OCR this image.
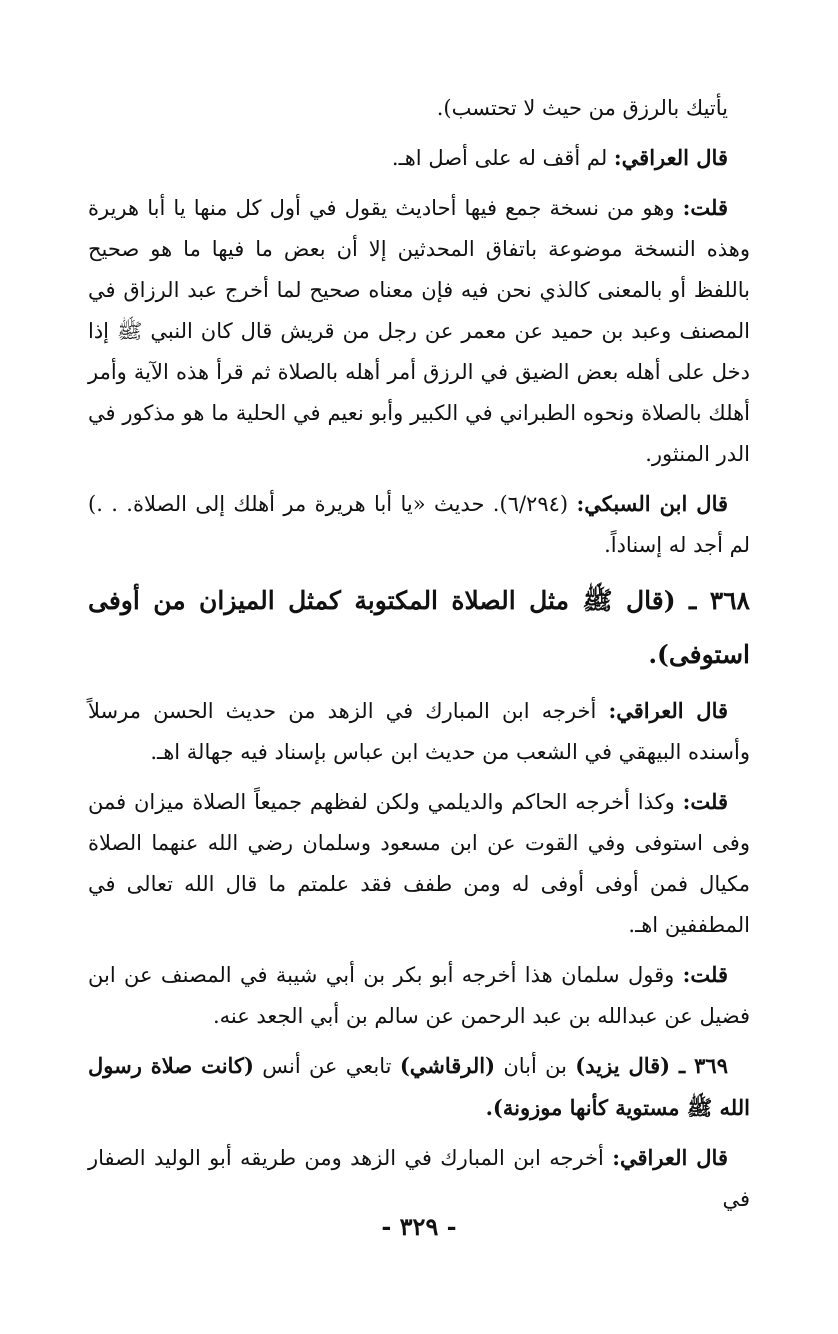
يأتيك بالرزق من حيث لا تحتسب).

قال العراقي: لم أقف له على أصل اهـ.

قلت: وهو من نسخة جمع فيها أحاديث يقول في أول كل منها يا أبا هريرة وهذه النسخة موضوعة باتفاق المحدثين إلا أن بعض ما فيها ما هو صحيح باللفظ أو بالمعنى كالذي نحن فيه فإن معناه صحيح لما أخرج عبد الرزاق في المصنف وعبد بن حميد عن معمر عن رجل من قريش قال كان النبي ﷺ إذا دخل على أهله بعض الضيق في الرزق أمر أهله بالصلاة ثم قرأ هذه الآية وأمر أهلك بالصلاة ونحوه الطبراني في الكبير وأبو نعيم في الحلية ما هو مذكور في الدر المنثور.

قال ابن السبكي: (٦/٢٩٤). حديث «يا أبا هريرة مر أهلك إلى الصلاة. . .) لم أجد له إسناداً.

٣٦٨ ـ (قال ﷺ مثل الصلاة المكتوبة كمثل الميزان من أوفى استوفى).

قال العراقي: أخرجه ابن المبارك في الزهد من حديث الحسن مرسلاً وأسنده البيهقي في الشعب من حديث ابن عباس بإسناد فيه جهالة اهـ.

قلت: وكذا أخرجه الحاكم والديلمي ولكن لفظهم جميعاً الصلاة ميزان فمن وفى استوفى وفي القوت عن ابن مسعود وسلمان رضي الله عنهما الصلاة مكيال فمن أوفى أوفى له ومن طفف فقد علمتم ما قال الله تعالى في المطففين اهـ.

قلت: وقول سلمان هذا أخرجه أبو بكر بن أبي شيبة في المصنف عن ابن فضيل عن عبدالله بن عبد الرحمن عن سالم بن أبي الجعد عنه.

٣٦٩ ـ (قال يزيد) بن أبان (الرقاشي) تابعي عن أنس (كانت صلاة رسول الله ﷺ مستوية كأنها موزونة).

قال العراقي: أخرجه ابن المبارك في الزهد ومن طريقه أبو الوليد الصفار في

- ٣٢٩ -
